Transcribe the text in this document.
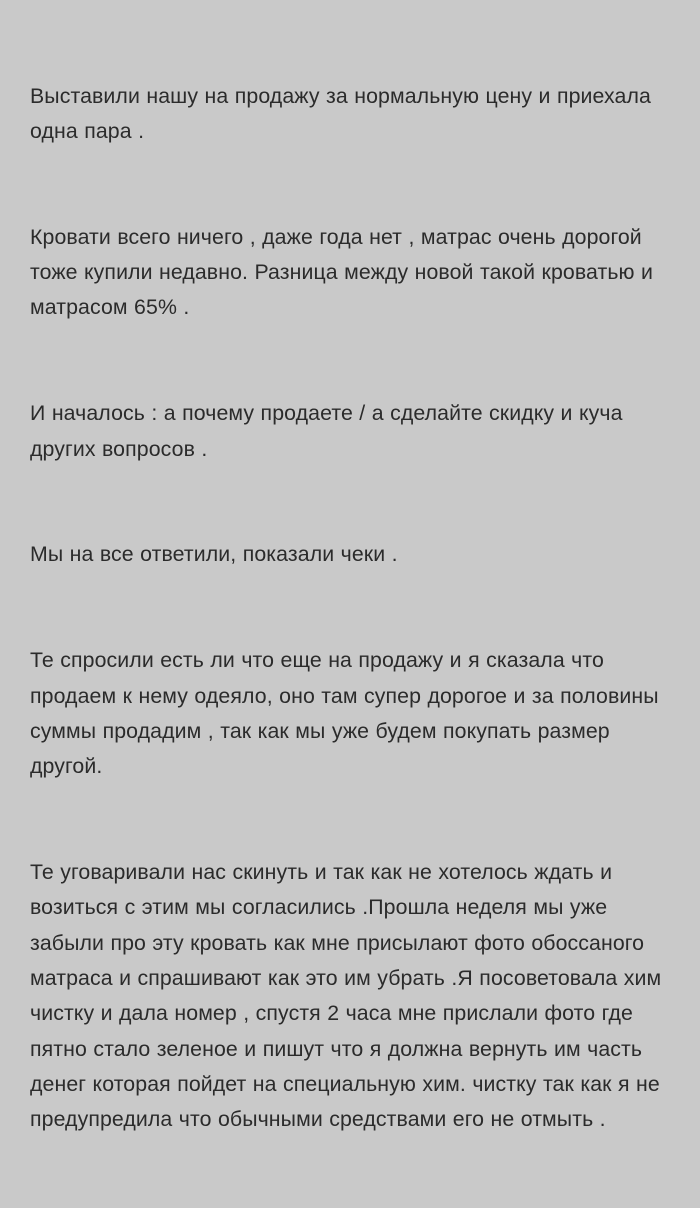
Выставили нашу на продажу за нормальную цену и приехала одна пара .

Кровати всего ничего , даже года нет , матрас очень дорогой тоже купили недавно. Разница между новой такой кроватью и матрасом 65% .

И началось : а почему продаете / а сделайте скидку и куча других вопросов .

Мы на все ответили, показали чеки .

Те спросили есть ли что еще на продажу и я сказала что продаем к нему одеяло, оно там супер дорогое и за половины суммы продадим , так как мы уже будем покупать размер другой.

Те уговаривали нас скинуть и так как не хотелось ждать и возиться с этим мы согласились .Прошла неделя мы уже забыли про эту кровать как мне присылают фото обоссаного матраса и спрашивают как это им убрать .Я посоветовала хим чистку и дала номер , спустя 2 часа мне прислали фото где пятно стало зеленое и пишут что я должна вернуть им часть денег которая пойдет на специальную хим. чистку так как я не предупредила что обычными средствами его не отмыть .
